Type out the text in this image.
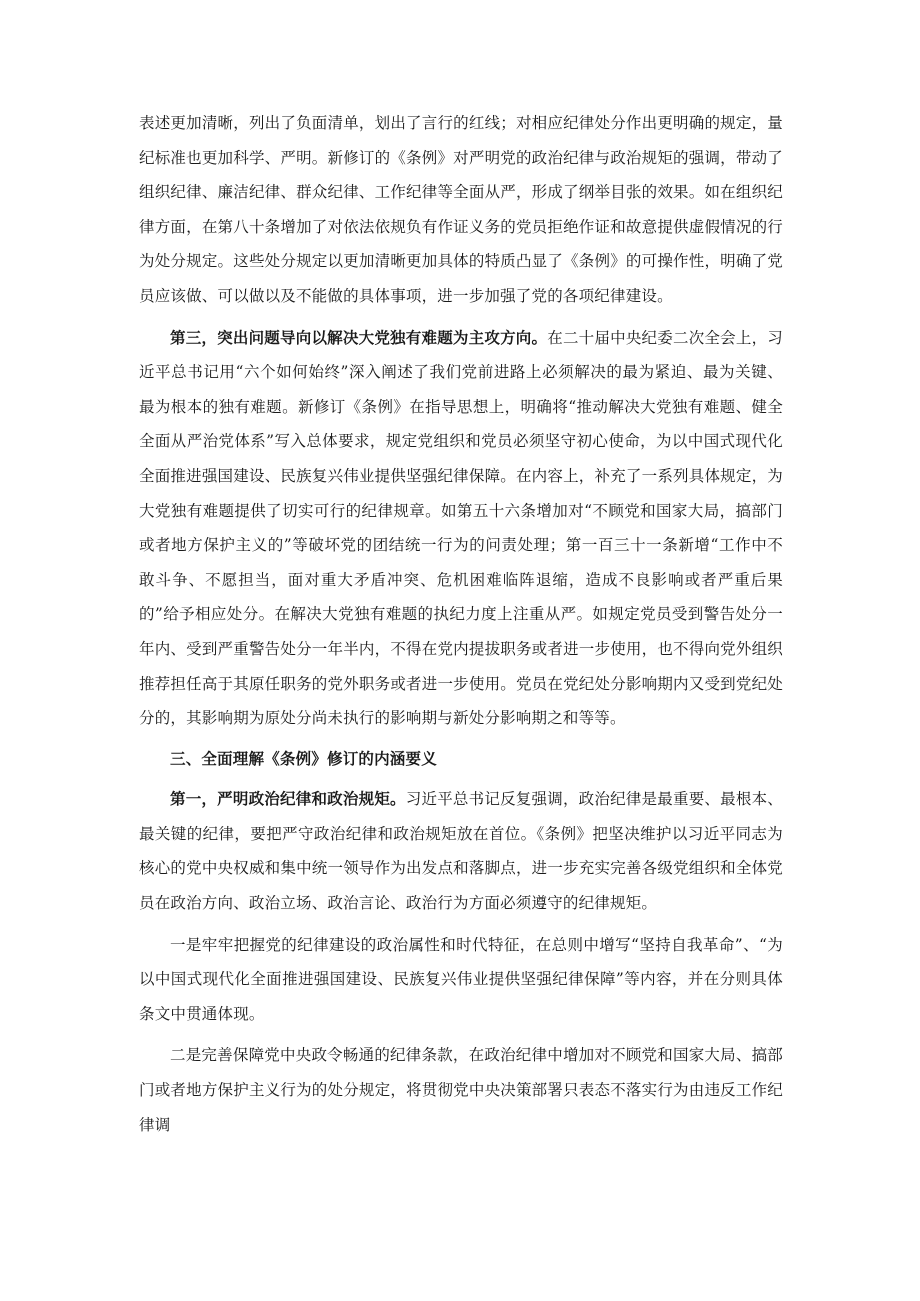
表述更加清晰，列出了负面清单，划出了言行的红线；对相应纪律处分作出更明确的规定，量纪标准也更加科学、严明。新修订的《条例》对严明党的政治纪律与政治规矩的强调，带动了组织纪律、廉洁纪律、群众纪律、工作纪律等全面从严，形成了纲举目张的效果。如在组织纪律方面，在第八十条增加了对依法依规负有作证义务的党员拒绝作证和故意提供虚假情况的行为处分规定。这些处分规定以更加清晰更加具体的特质凸显了《条例》的可操作性，明确了党员应该做、可以做以及不能做的具体事项，进一步加强了党的各项纪律建设。

第三，突出问题导向以解决大党独有难题为主攻方向。在二十届中央纪委二次全会上，习近平总书记用“六个如何始终”深入阐述了我们党前进路上必须解决的最为紧迫、最为关键、最为根本的独有难题。新修订《条例》在指导思想上，明确将“推动解决大党独有难题、健全全面从严治党体系”写入总体要求，规定党组织和党员必须坚守初心使命，为以中国式现代化全面推进强国建设、民族复兴伟业提供坚强纪律保障。在内容上，补充了一系列具体规定，为大党独有难题提供了切实可行的纪律规章。如第五十六条增加对“不顾党和国家大局，搞部门或者地方保护主义的”等破坏党的团结统一行为的问责处理；第一百三十一条新增“工作中不敢斗争、不愿担当，面对重大矛盾冲突、危机困难临阵退缩，造成不良影响或者严重后果的”给予相应处分。在解决大党独有难题的执纪力度上注重从严。如规定党员受到警告处分一年内、受到严重警告处分一年半内，不得在党内提拔职务或者进一步使用，也不得向党外组织推荐担任高于其原任职务的党外职务或者进一步使用。党员在党纪处分影响期内又受到党纪处分的，其影响期为原处分尚未执行的影响期与新处分影响期之和等等。

三、全面理解《条例》修订的内涵要义

第一，严明政治纪律和政治规矩。习近平总书记反复强调，政治纪律是最重要、最根本、最关键的纪律，要把严守政治纪律和政治规矩放在首位。《条例》把坚决维护以习近平同志为核心的党中央权威和集中统一领导作为出发点和落脚点，进一步充实完善各级党组织和全体党员在政治方向、政治立场、政治言论、政治行为方面必须遵守的纪律规矩。

一是牢牢把握党的纪律建设的政治属性和时代特征，在总则中增写“坚持自我革命”、“为以中国式现代化全面推进强国建设、民族复兴伟业提供坚强纪律保障”等内容，并在分则具体条文中贯通体现。

二是完善保障党中央政令畅通的纪律条款，在政治纪律中增加对不顾党和国家大局、搞部门或者地方保护主义行为的处分规定，将贯彻党中央决策部署只表态不落实行为由违反工作纪律调
